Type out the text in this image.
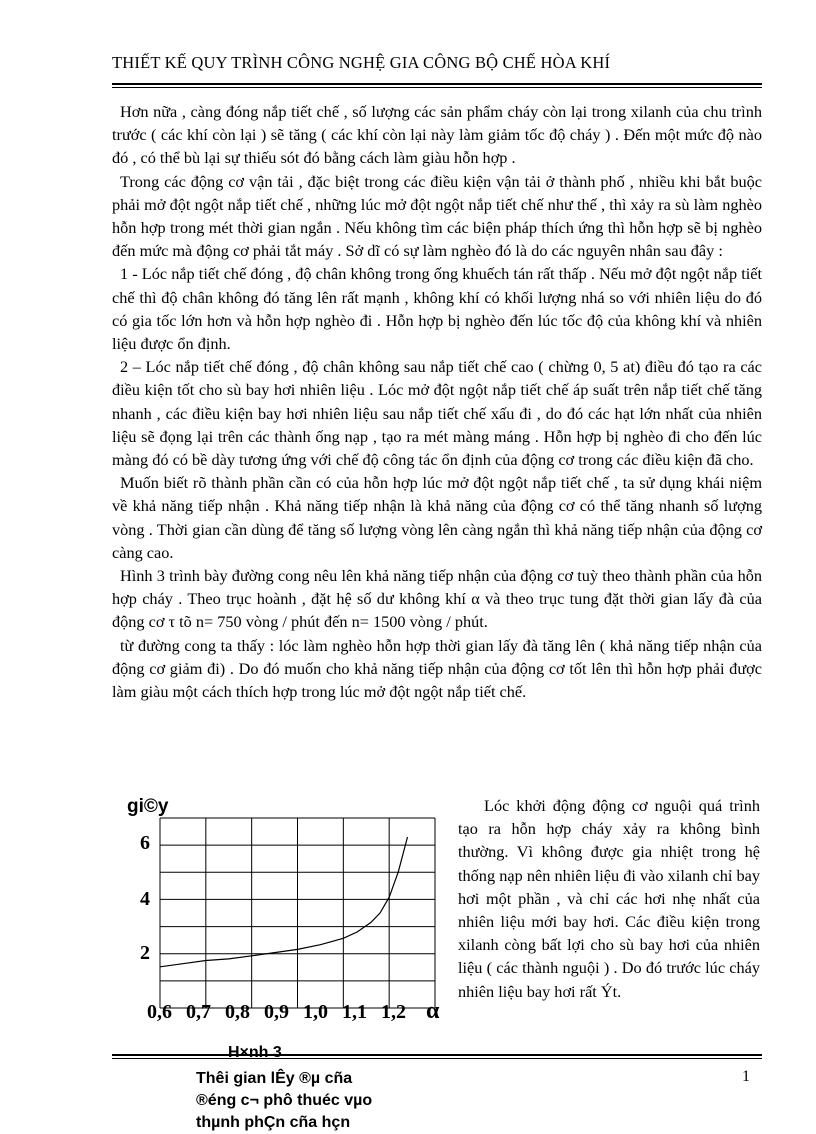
THIẾT KẾ QUY TRÌNH CÔNG NGHỆ GIA CÔNG BỘ CHẾ HÒA KHÍ

Hơn nữa , càng đóng nắp tiết chế , số lượng các sản phẩm cháy còn lại trong xilanh của chu trình trước ( các khí còn lại ) sẽ tăng ( các khí còn lại này làm giảm tốc độ cháy ) . Đến một mức độ nào đó , có thể bù lại sự thiếu sót đó bằng cách làm giàu hỗn hợp .

Trong các động cơ vận tải , đặc biệt trong các điều kiện vận tải ở thành phố , nhiều khi bắt buộc phải mở đột ngột nắp tiết chế , những lúc mở đột ngột nắp tiết chế như thế , thì xảy ra sù làm nghèo hỗn hợp trong mét thời gian ngắn . Nếu không tìm các biện pháp thích ứng thì hỗn hợp sẽ bị nghèo đến mức mà động cơ phải tắt máy . Sở dĩ có sự làm nghèo đó là do các nguyên nhân sau đây :

1 - Lóc nắp tiết chế đóng , độ chân không trong ống khuếch tán rất thấp . Nếu mở đột ngột nắp tiết chế thì độ chân không đó tăng lên rất mạnh , không khí có khối lượng nhá so với nhiên liệu do đó có gia tốc lớn hơn và hỗn hợp nghèo đi . Hỗn hợp bị nghèo đến lúc tốc độ của không khí và nhiên liệu được ổn định.

2 – Lóc nắp tiết chế đóng , độ chân không sau nắp tiết chế cao ( chừng 0, 5 at) điều đó tạo ra các điều kiện tốt cho sù bay hơi nhiên liệu . Lóc mở đột ngột nắp tiết chế áp suất trên nắp tiết chế tăng nhanh , các điều kiện bay hơi nhiên liệu sau nắp tiết chế xấu đi , do đó các hạt lớn nhất của nhiên liệu sẽ đọng lại trên các thành ống nạp , tạo ra mét màng máng . Hỗn hợp bị nghèo đi cho đến lúc màng đó có bề dày tương ứng với chế độ công tác ổn định của động cơ trong các điều kiện đã cho.

Muốn biết rõ thành phần cần có của hỗn hợp lúc mở đột ngột nắp tiết chế , ta sử dụng khái niệm về khả năng tiếp nhận . Khả năng tiếp nhận là khả năng của động cơ có thể tăng nhanh số lượng vòng . Thời gian cần dùng để tăng số lượng vòng lên càng ngắn thì khả năng tiếp nhận của động cơ càng cao.

Hình 3 trình bày đường cong nêu lên khả năng tiếp nhận của động cơ tuỳ theo thành phần của hỗn hợp cháy . Theo trục hoành , đặt hệ số dư không khí α và theo trục tung đặt thời gian lấy đà của động cơ τ tõ n= 750 vòng / phút đến n= 1500 vòng / phút.

từ đường cong ta thấy : lóc làm nghèo hỗn hợp thời gian lấy đà tăng lên ( khả năng tiếp nhận của động cơ giảm đi) . Do đó muốn cho khả năng tiếp nhận của động cơ tốt lên thì hỗn hợp phải được làm giàu một cách thích hợp trong lúc mở đột ngột nắp tiết chế.

gi©y
6
4
2
0,6 0,7 0,8 0,9 1,0 1,1 1,2 α

Lóc khởi động động cơ nguội quá trình tạo ra hỗn hợp cháy xảy ra không bình thường. Vì không được gia nhiệt trong hệ thống nạp nên nhiên liệu đi vào xilanh chỉ bay hơi một phần , và chỉ các hơi nhẹ nhất của nhiên liệu mới bay hơi. Các điều kiện trong xilanh còng bất lợi cho sù bay hơi của nhiên liệu ( các thành nguội ) . Do đó trước lúc cháy nhiên liệu bay hơi rất Ýt.

H×nh 3
Thêi gian lÊy ®µ cña
®éng c¬ phô thuéc vµo
thµnh phÇn cña hçn
1
